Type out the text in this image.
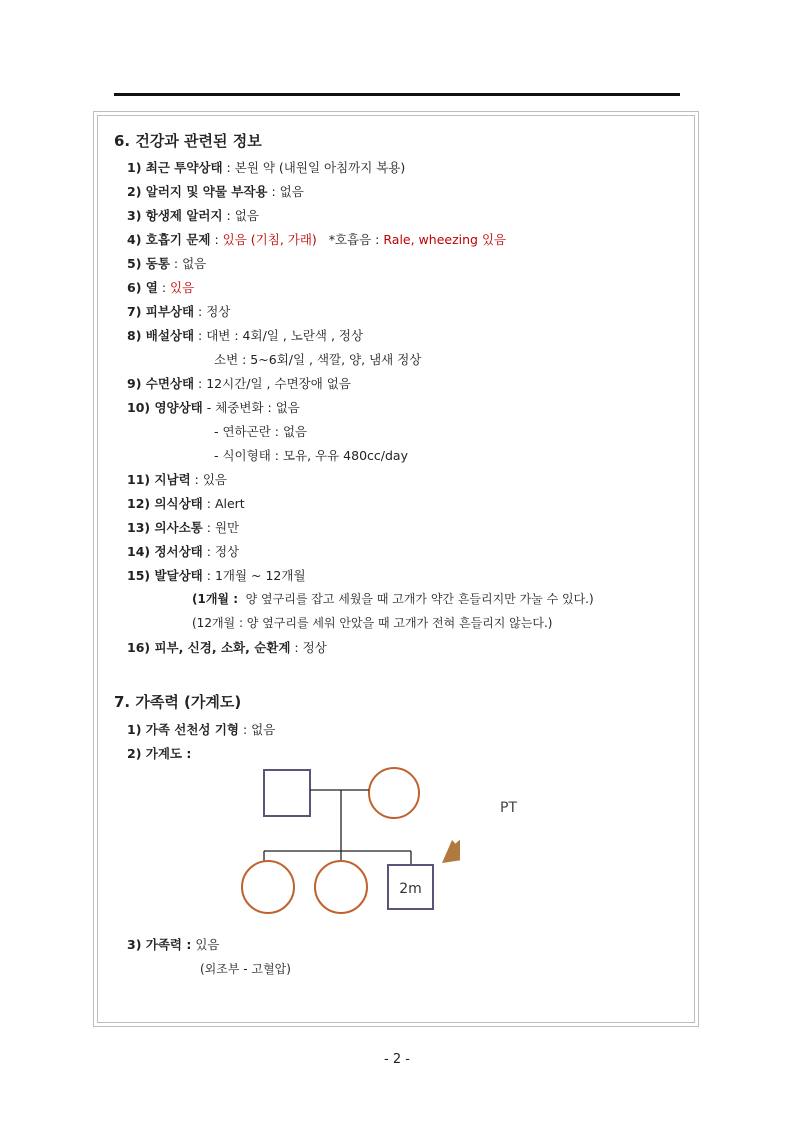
6. 건강과 관련된 정보
1) 최근 투약상태 : 본원 약 (내원일 아침까지 복용)
2) 알러지 및 약물 부작용 : 없음
3) 항생제 알러지 : 없음
4) 호흡기 문제 : 있음 (기침, 가래) *호흡음 : Rale, wheezing 있음
5) 동통 : 없음
6) 열 : 있음
7) 피부상태 : 정상
8) 배설상태 : 대변 : 4회/일 , 노란색 , 정상
소변 : 5~6회/일 , 색깔, 양, 냄새 정상
9) 수면상태 : 12시간/일 , 수면장애 없음
10) 영양상태 - 체중변화 : 없음
- 연하곤란 : 없음
- 식이형태 : 모유, 우유 480cc/day
11) 지남력 : 있음
12) 의식상태 : Alert
13) 의사소통 : 원만
14) 정서상태 : 정상
15) 발달상태 : 1개월 ~ 12개월
(1개월 : 양 옆구리를 잡고 세웠을 때 고개가 약간 흔들리지만 가눌 수 있다.)
(12개월 : 양 옆구리를 세워 안았을 때 고개가 전혀 흔들리지 않는다.)
16) 피부, 신경, 소화, 순환계 : 정상
7. 가족력 (가계도)
1) 가족 선천성 기형 : 없음
2) 가계도 :
2m
PT
3) 가족력 : 있음
(외조부 - 고혈압)
- 2 -
